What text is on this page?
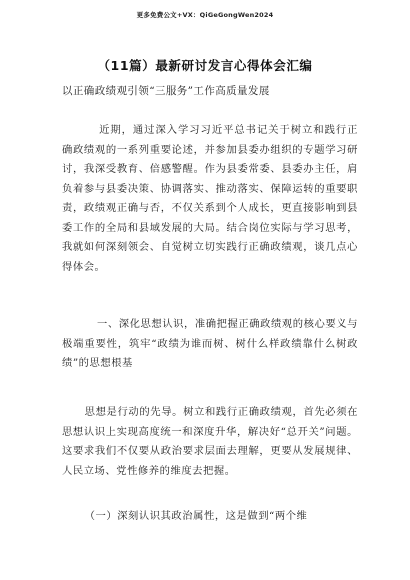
更多免费公文+VX：QiGeGongWen2024
（11篇）最新研讨发言心得体会汇编
以正确政绩观引领“三服务”工作高质量发展

近期，通过深入学习习近平总书记关于树立和践行正确政绩观的一系列重要论述，并参加县委办组织的专题学习研讨，我深受教育、倍感警醒。作为县委常委、县委办主任，肩负着参与县委决策、协调落实、推动落实、保障运转的重要职责，政绩观正确与否，不仅关系到个人成长，更直接影响到县委工作的全局和县域发展的大局。结合岗位实际与学习思考，我就如何深刻领会、自觉树立切实践行正确政绩观，谈几点心得体会。

一、深化思想认识，准确把握正确政绩观的核心要义与极端重要性，筑牢“政绩为谁而树、树什么样政绩靠什么树政绩”的思想根基

思想是行动的先导。树立和践行正确政绩观，首先必须在思想认识上实现高度统一和深度升华，解决好“总开关”问题。这要求我们不仅要从政治要求层面去理解，更要从发展规律、人民立场、党性修养的维度去把握。

（一）深刻认识其政治属性，这是做到“两个维
